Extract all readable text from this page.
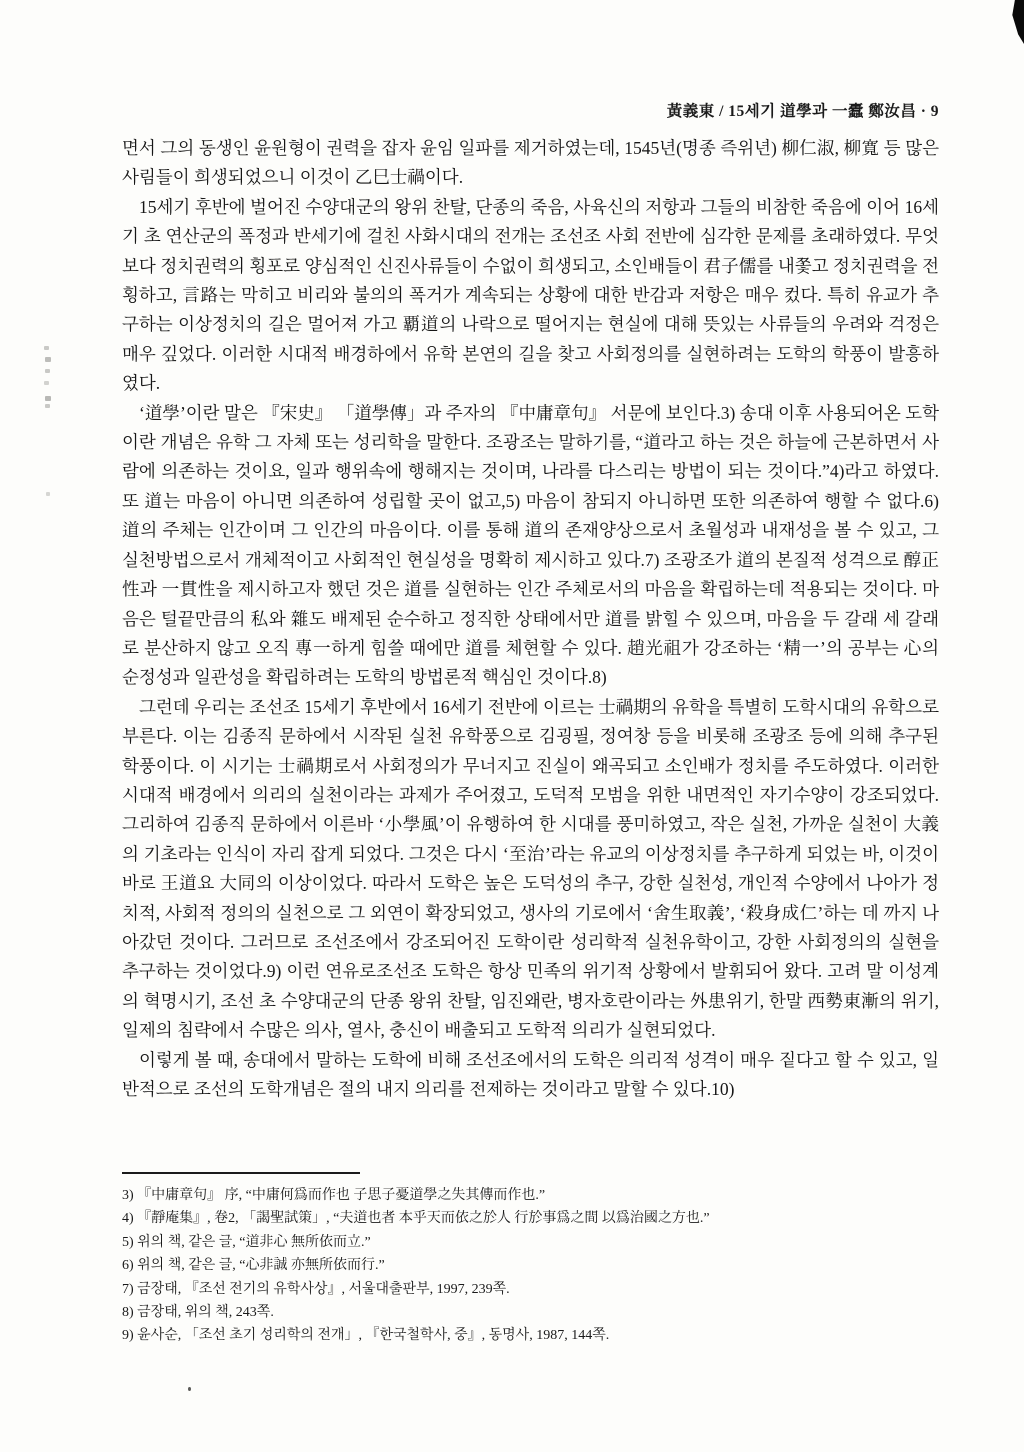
黃義東 / 15세기 道學과 一蠹 鄭汝昌 · 9

면서 그의 동생인 윤원형이 권력을 잡자 윤임 일파를 제거하였는데, 1545년(명종 즉위년) 柳仁淑, 柳寬 등 많은 사림들이 희생되었으니 이것이 乙巳士禍이다.

15세기 후반에 벌어진 수양대군의 왕위 찬탈, 단종의 죽음, 사육신의 저항과 그들의 비참한 죽음에 이어 16세기 초 연산군의 폭정과 반세기에 걸친 사화시대의 전개는 조선조 사회 전반에 심각한 문제를 초래하였다. 무엇보다 정치권력의 횡포로 양심적인 신진사류들이 수없이 희생되고, 소인배들이 君子儒를 내쫓고 정치권력을 전횡하고, 言路는 막히고 비리와 불의의 폭거가 계속되는 상황에 대한 반감과 저항은 매우 컸다. 특히 유교가 추구하는 이상정치의 길은 멀어져 가고 覇道의 나락으로 떨어지는 현실에 대해 뜻있는 사류들의 우려와 걱정은 매우 깊었다. 이러한 시대적 배경하에서 유학 본연의 길을 찾고 사회정의를 실현하려는 도학의 학풍이 발흥하였다.

‘道學’이란 말은 『宋史』 「道學傳」과 주자의 『中庸章句』 서문에 보인다.3) 송대 이후 사용되어온 도학이란 개념은 유학 그 자체 또는 성리학을 말한다. 조광조는 말하기를, “道라고 하는 것은 하늘에 근본하면서 사람에 의존하는 것이요, 일과 행위속에 행해지는 것이며, 나라를 다스리는 방법이 되는 것이다.”4)라고 하였다. 또 道는 마음이 아니면 의존하여 성립할 곳이 없고,5) 마음이 참되지 아니하면 또한 의존하여 행할 수 없다.6) 道의 주체는 인간이며 그 인간의 마음이다. 이를 통해 道의 존재양상으로서 초월성과 내재성을 볼 수 있고, 그 실천방법으로서 개체적이고 사회적인 현실성을 명확히 제시하고 있다.7) 조광조가 道의 본질적 성격으로 醇正性과 一貫性을 제시하고자 했던 것은 道를 실현하는 인간 주체로서의 마음을 확립하는데 적용되는 것이다. 마음은 털끝만큼의 私와 雜도 배제된 순수하고 정직한 상태에서만 道를 밝힐 수 있으며, 마음을 두 갈래 세 갈래로 분산하지 않고 오직 專一하게 힘쓸 때에만 道를 체현할 수 있다. 趙光祖가 강조하는 ‘精一’의 공부는 心의 순정성과 일관성을 확립하려는 도학의 방법론적 핵심인 것이다.8)

그런데 우리는 조선조 15세기 후반에서 16세기 전반에 이르는 士禍期의 유학을 특별히 도학시대의 유학으로 부른다. 이는 김종직 문하에서 시작된 실천 유학풍으로 김굉필, 정여창 등을 비롯해 조광조 등에 의해 추구된 학풍이다. 이 시기는 士禍期로서 사회정의가 무너지고 진실이 왜곡되고 소인배가 정치를 주도하였다. 이러한 시대적 배경에서 의리의 실천이라는 과제가 주어졌고, 도덕적 모범을 위한 내면적인 자기수양이 강조되었다. 그리하여 김종직 문하에서 이른바 ‘小學風’이 유행하여 한 시대를 풍미하였고, 작은 실천, 가까운 실천이 大義의 기초라는 인식이 자리 잡게 되었다. 그것은 다시 ‘至治’라는 유교의 이상정치를 추구하게 되었는 바, 이것이 바로 王道요 大同의 이상이었다. 따라서 도학은 높은 도덕성의 추구, 강한 실천성, 개인적 수양에서 나아가 정치적, 사회적 정의의 실천으로 그 외연이 확장되었고, 생사의 기로에서 ‘舍生取義’, ‘殺身成仁’하는 데 까지 나아갔던 것이다. 그러므로 조선조에서 강조되어진 도학이란 성리학적 실천유학이고, 강한 사회정의의 실현을 추구하는 것이었다.9) 이런 연유로조선조 도학은 항상 민족의 위기적 상황에서 발휘되어 왔다. 고려 말 이성계의 혁명시기, 조선 초 수양대군의 단종 왕위 찬탈, 임진왜란, 병자호란이라는 外患위기, 한말 西勢東漸의 위기, 일제의 침략에서 수많은 의사, 열사, 충신이 배출되고 도학적 의리가 실현되었다.

이렇게 볼 때, 송대에서 말하는 도학에 비해 조선조에서의 도학은 의리적 성격이 매우 짙다고 할 수 있고, 일반적으로 조선의 도학개념은 절의 내지 의리를 전제하는 것이라고 말할 수 있다.10)

3) 『中庸章句』 序, “中庸何爲而作也 子思子憂道學之失其傳而作也.”

4) 『靜庵集』, 卷2, 「謁聖試策」, “夫道也者 本乎天而依之於人 行於事爲之間 以爲治國之方也.”

5) 위의 책, 같은 글, “道非心 無所依而立.”

6) 위의 책, 같은 글, “心非誠 亦無所依而行.”

7) 금장태, 『조선 전기의 유학사상』, 서울대출판부, 1997, 239쪽.

8) 금장태, 위의 책, 243쪽.

9) 윤사순, 「조선 초기 성리학의 전개」, 『한국철학사, 중』, 동명사, 1987, 144쪽.
